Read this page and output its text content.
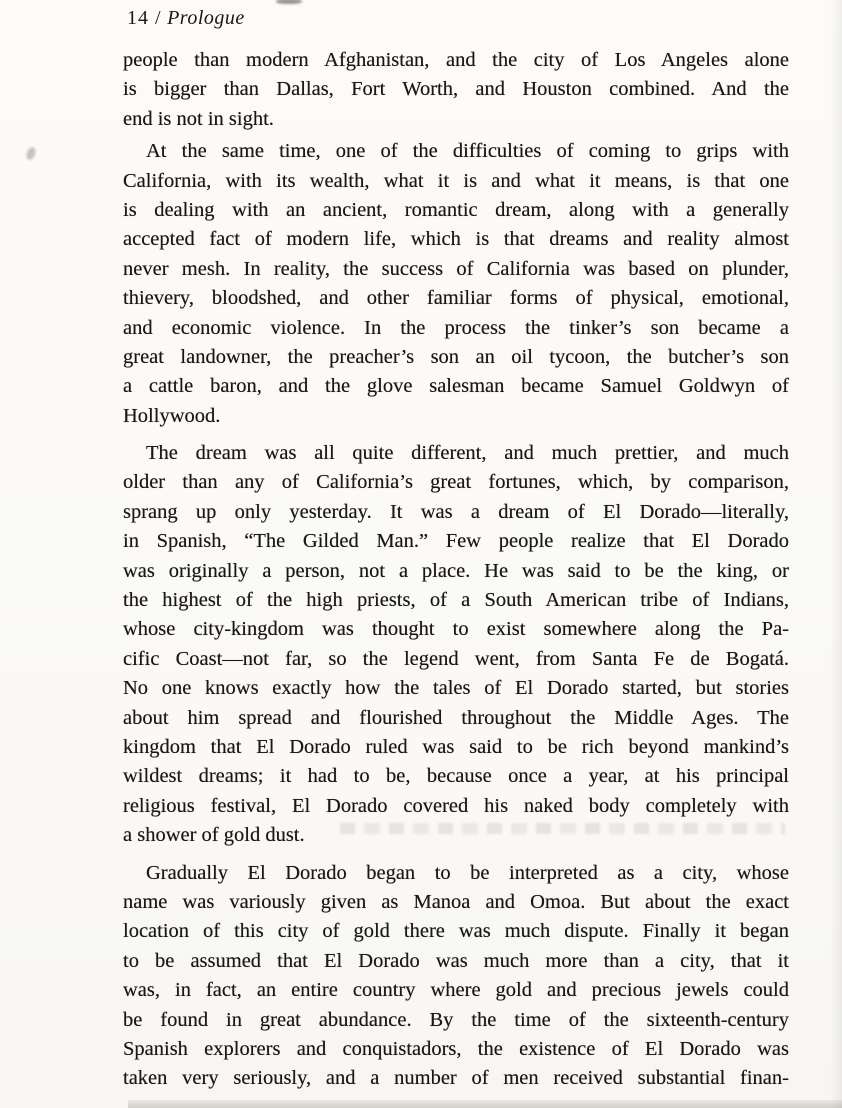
14 / Prologue
people than modern Afghanistan, and the city of Los Angeles alone
is bigger than Dallas, Fort Worth, and Houston combined. And the
end is not in sight.
At the same time, one of the difficulties of coming to grips with
California, with its wealth, what it is and what it means, is that one
is dealing with an ancient, romantic dream, along with a generally
accepted fact of modern life, which is that dreams and reality almost
never mesh. In reality, the success of California was based on plunder,
thievery, bloodshed, and other familiar forms of physical, emotional,
and economic violence. In the process the tinker’s son became a
great landowner, the preacher’s son an oil tycoon, the butcher’s son
a cattle baron, and the glove salesman became Samuel Goldwyn of
Hollywood.
The dream was all quite different, and much prettier, and much
older than any of California’s great fortunes, which, by comparison,
sprang up only yesterday. It was a dream of El Dorado—literally,
in Spanish, “The Gilded Man.” Few people realize that El Dorado
was originally a person, not a place. He was said to be the king, or
the highest of the high priests, of a South American tribe of Indians,
whose city-kingdom was thought to exist somewhere along the Pa-
cific Coast—not far, so the legend went, from Santa Fe de Bogatá.
No one knows exactly how the tales of El Dorado started, but stories
about him spread and flourished throughout the Middle Ages. The
kingdom that El Dorado ruled was said to be rich beyond mankind’s
wildest dreams; it had to be, because once a year, at his principal
religious festival, El Dorado covered his naked body completely with
a shower of gold dust.
Gradually El Dorado began to be interpreted as a city, whose
name was variously given as Manoa and Omoa. But about the exact
location of this city of gold there was much dispute. Finally it began
to be assumed that El Dorado was much more than a city, that it
was, in fact, an entire country where gold and precious jewels could
be found in great abundance. By the time of the sixteenth-century
Spanish explorers and conquistadors, the existence of El Dorado was
taken very seriously, and a number of men received substantial finan-
